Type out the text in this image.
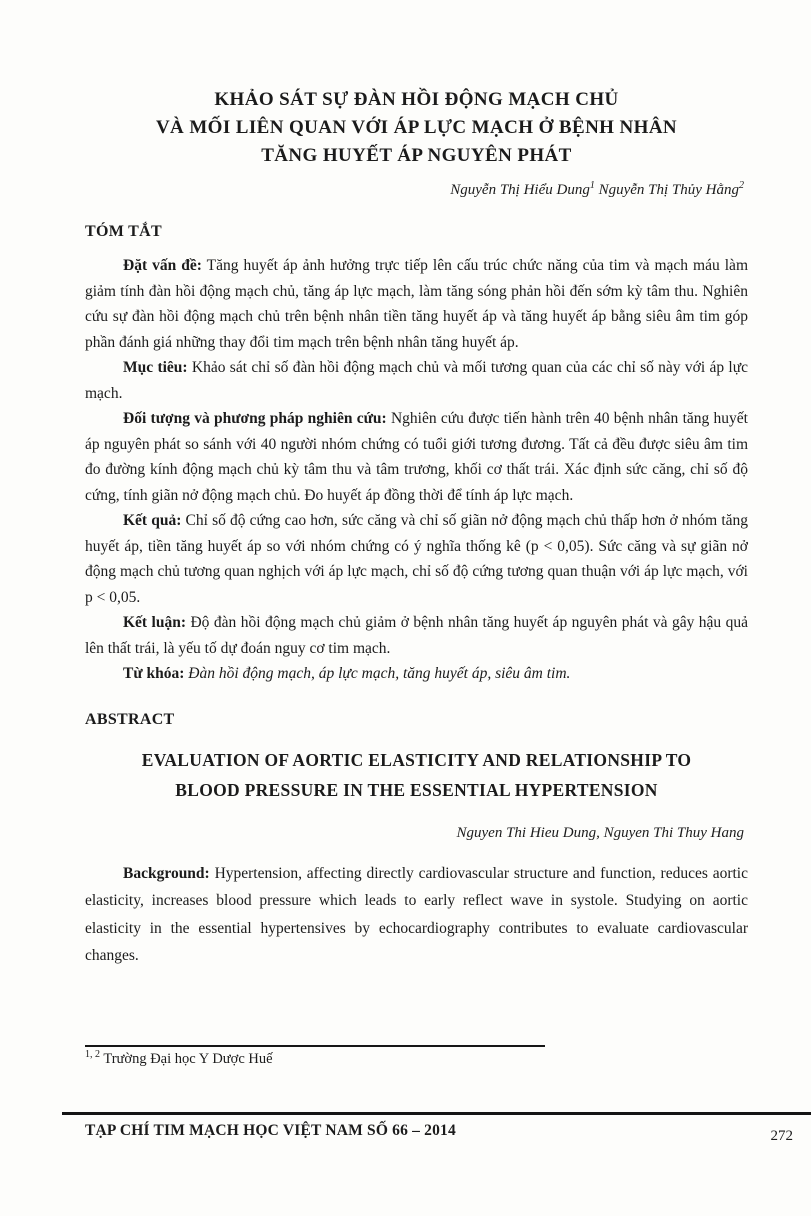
KHẢO SÁT SỰ ĐÀN HỒI ĐỘNG MẠCH CHỦ
VÀ MỐI LIÊN QUAN VỚI ÁP LỰC MẠCH Ở BỆNH NHÂN
TĂNG HUYẾT ÁP NGUYÊN PHÁT
Nguyễn Thị Hiểu Dung$^1$ Nguyễn Thị Thủy Hằng$^2$
TÓM TẮT

Đặt vấn đề: Tăng huyết áp ảnh hưởng trực tiếp lên cấu trúc chức năng của tim và mạch máu làm giảm tính đàn hồi động mạch chủ, tăng áp lực mạch, làm tăng sóng phản hồi đến sớm kỳ tâm thu. Nghiên cứu sự đàn hồi động mạch chủ trên bệnh nhân tiền tăng huyết áp và tăng huyết áp bằng siêu âm tim góp phần đánh giá những thay đổi tim mạch trên bệnh nhân tăng huyết áp.

Mục tiêu: Khảo sát chỉ số đàn hồi động mạch chủ và mối tương quan của các chỉ số này với áp lực mạch.

Đối tượng và phương pháp nghiên cứu: Nghiên cứu được tiến hành trên 40 bệnh nhân tăng huyết áp nguyên phát so sánh với 40 người nhóm chứng có tuổi giới tương đương. Tất cả đều được siêu âm tim đo đường kính động mạch chủ kỳ tâm thu và tâm trương, khối cơ thất trái. Xác định sức căng, chỉ số độ cứng, tính giãn nở động mạch chủ. Đo huyết áp đồng thời để tính áp lực mạch.

Kết quả: Chỉ số độ cứng cao hơn, sức căng và chỉ số giãn nở động mạch chủ thấp hơn ở nhóm tăng huyết áp, tiền tăng huyết áp so với nhóm chứng có ý nghĩa thống kê (p < 0,05). Sức căng và sự giãn nở động mạch chủ tương quan nghịch với áp lực mạch, chỉ số độ cứng tương quan thuận với áp lực mạch, với p < 0,05.

Kết luận: Độ đàn hồi động mạch chủ giảm ở bệnh nhân tăng huyết áp nguyên phát và gây hậu quả lên thất trái, là yếu tố dự đoán nguy cơ tim mạch.

Từ khóa: Đàn hồi động mạch, áp lực mạch, tăng huyết áp, siêu âm tim.

ABSTRACT
EVALUATION OF AORTIC ELASTICITY AND RELATIONSHIP TO
BLOOD PRESSURE IN THE ESSENTIAL HYPERTENSION
Nguyen Thi Hieu Dung, Nguyen Thi Thuy Hang

Background: Hypertension, affecting directly cardiovascular structure and function, reduces aortic elasticity, increases blood pressure which leads to early reflect wave in systole. Studying on aortic elasticity in the essential hypertensives by echocardiography contributes to evaluate cardiovascular changes.

$^{1, 2}$ Trường Đại học Y Dược Huế
TẠP CHÍ TIM MẠCH HỌC VIỆT NAM SỐ 66 – 2014	272
